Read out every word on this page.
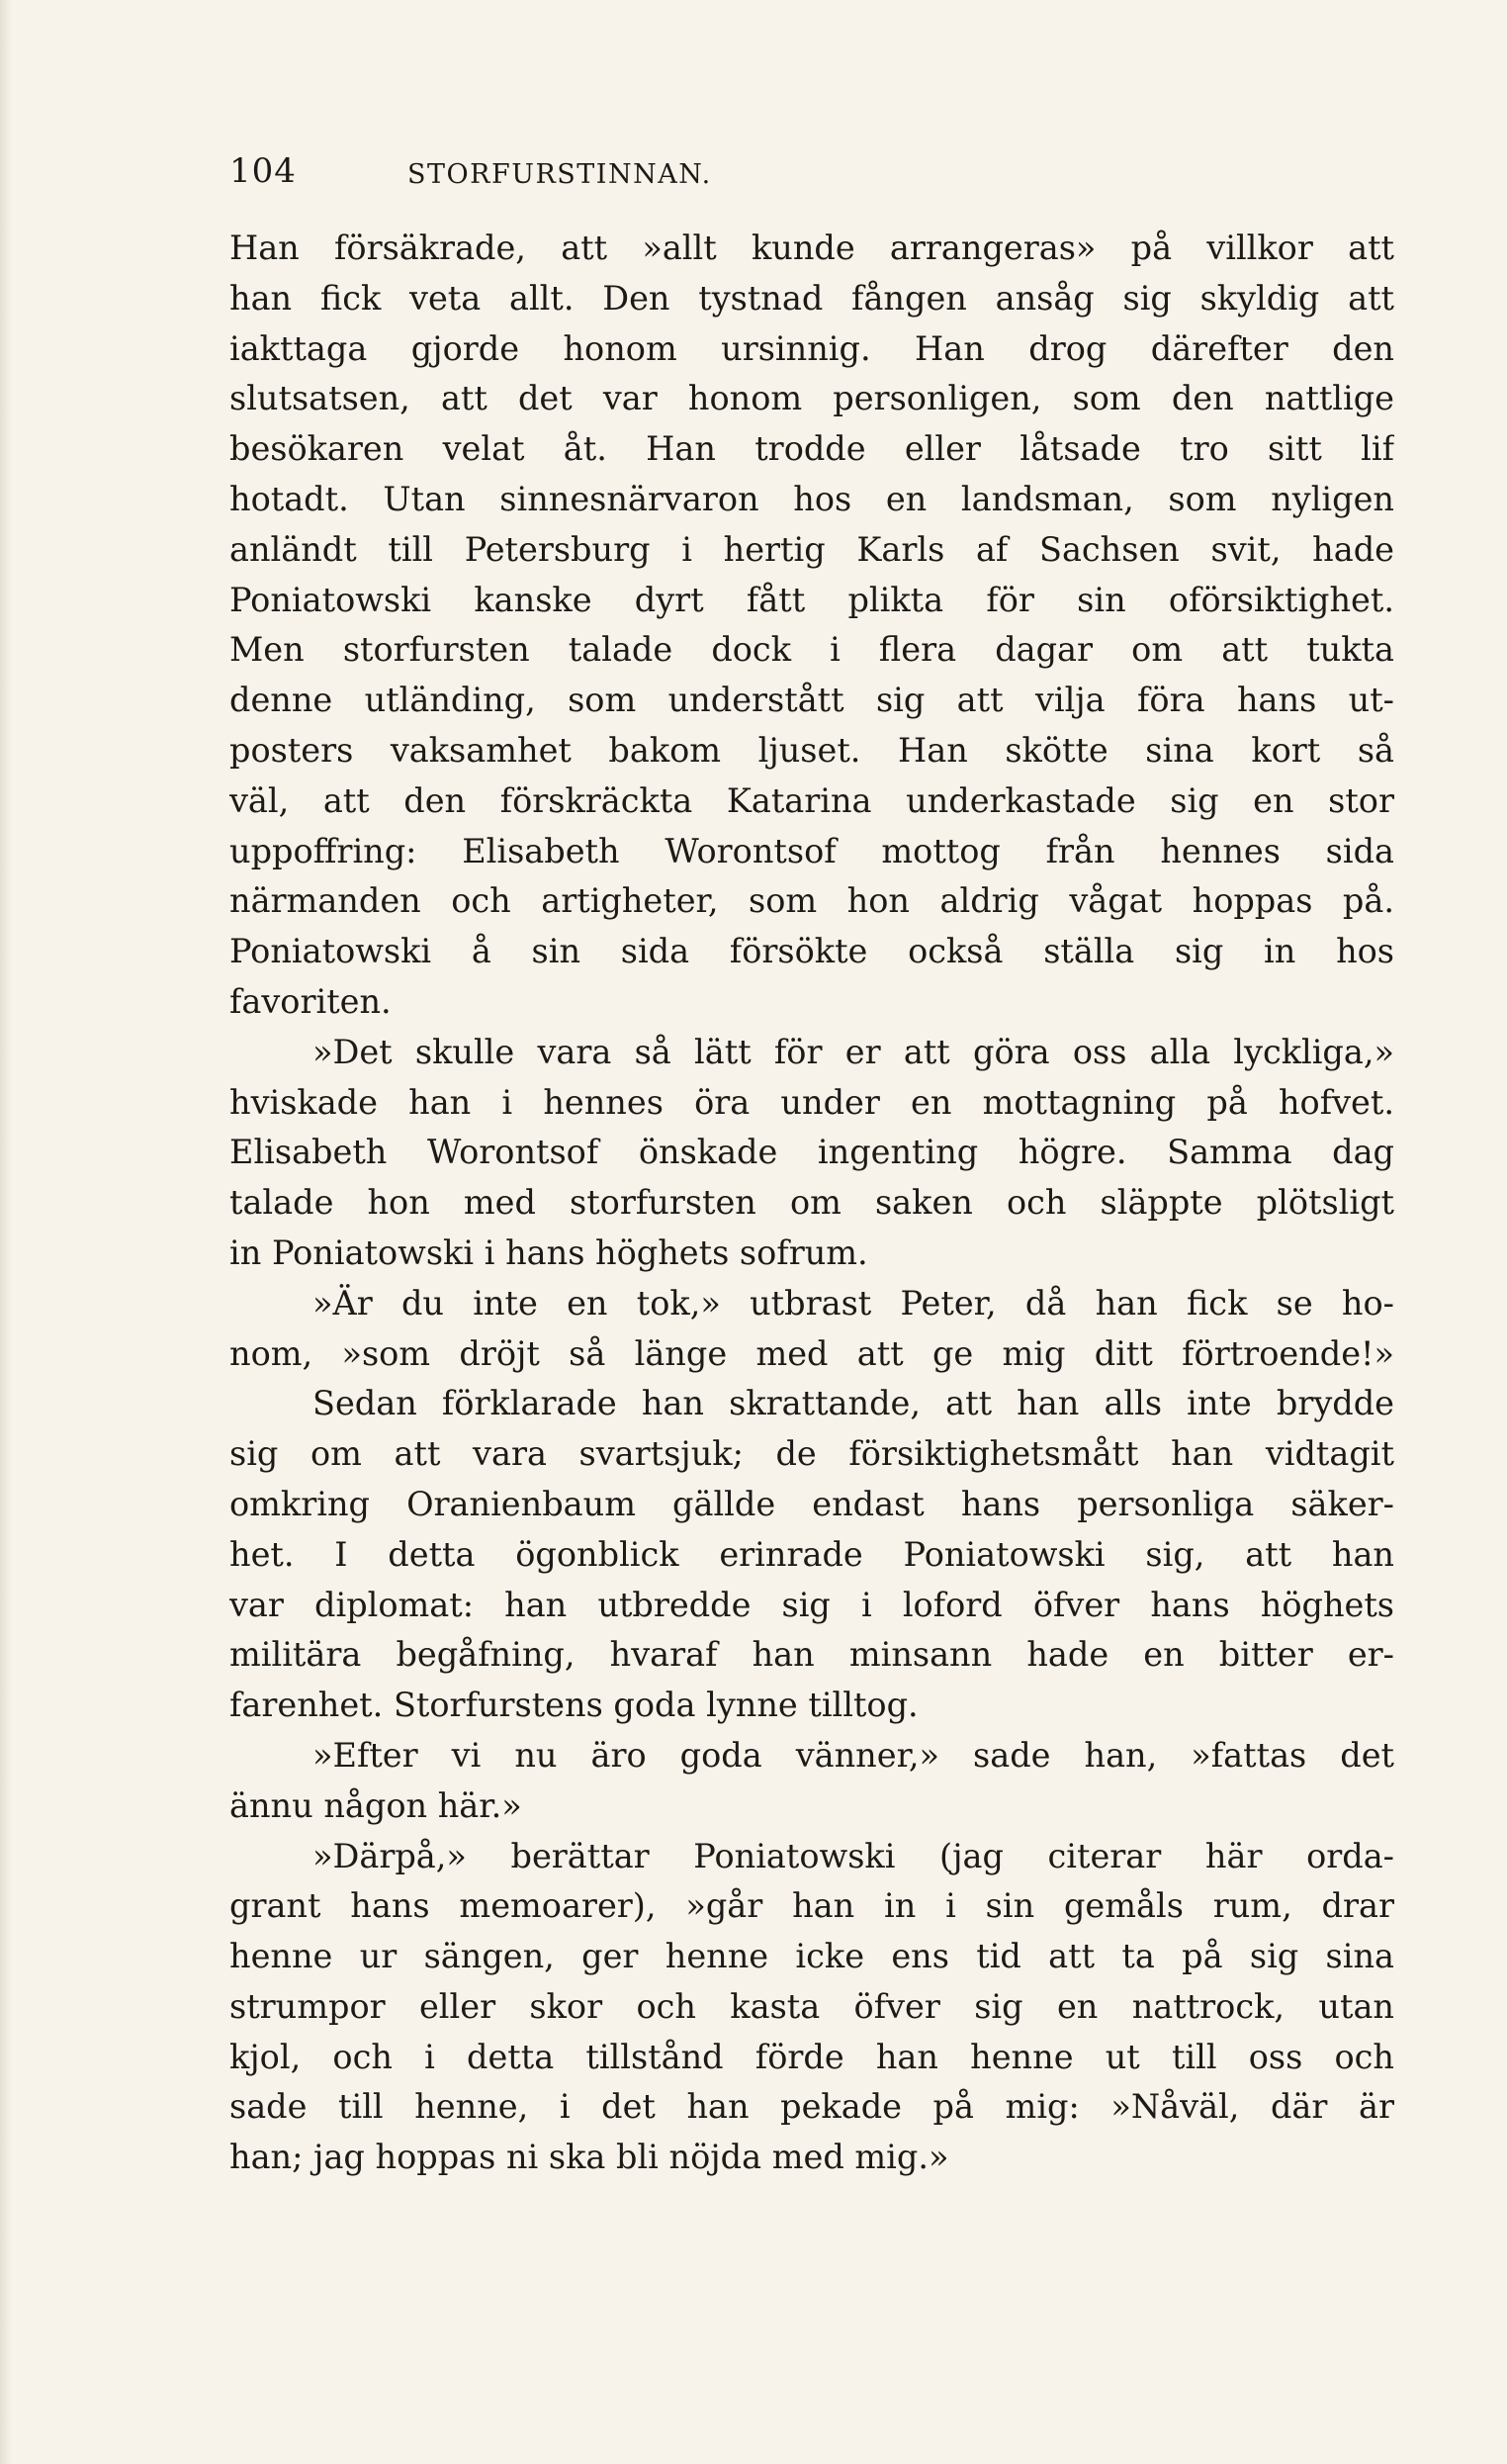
104	STORFURSTINNAN.
Han försäkrade, att »allt kunde arrangeras» på villkor att
han fick veta allt. Den tystnad fången ansåg sig skyldig att
iakttaga gjorde honom ursinnig. Han drog därefter den
slutsatsen, att det var honom personligen, som den nattlige
besökaren velat åt. Han trodde eller låtsade tro sitt lif
hotadt. Utan sinnesnärvaron hos en landsman, som nyligen
anländt till Petersburg i hertig Karls af Sachsen svit, hade
Poniatowski kanske dyrt fått plikta för sin oförsiktighet.
Men storfursten talade dock i flera dagar om att tukta
denne utländing, som understått sig att vilja föra hans ut-
posters vaksamhet bakom ljuset. Han skötte sina kort så
väl, att den förskräckta Katarina underkastade sig en stor
uppoffring: Elisabeth Worontsof mottog från hennes sida
närmanden och artigheter, som hon aldrig vågat hoppas på.
Poniatowski å sin sida försökte också ställa sig in hos
favoriten.
»Det skulle vara så lätt för er att göra oss alla lyckliga,»
hviskade han i hennes öra under en mottagning på hofvet.
Elisabeth Worontsof önskade ingenting högre. Samma dag
talade hon med storfursten om saken och släppte plötsligt
in Poniatowski i hans höghets sofrum.
»Är du inte en tok,» utbrast Peter, då han fick se ho-
nom, »som dröjt så länge med att ge mig ditt förtroende!»
Sedan förklarade han skrattande, att han alls inte brydde
sig om att vara svartsjuk; de försiktighetsmått han vidtagit
omkring Oranienbaum gällde endast hans personliga säker-
het. I detta ögonblick erinrade Poniatowski sig, att han
var diplomat: han utbredde sig i loford öfver hans höghets
militära begåfning, hvaraf han minsann hade en bitter er-
farenhet. Storfurstens goda lynne tilltog.
»Efter vi nu äro goda vänner,» sade han, »fattas det
ännu någon här.»
»Därpå,» berättar Poniatowski (jag citerar här orda-
grant hans memoarer), »går han in i sin gemåls rum, drar
henne ur sängen, ger henne icke ens tid att ta på sig sina
strumpor eller skor och kasta öfver sig en nattrock, utan
kjol, och i detta tillstånd förde han henne ut till oss och
sade till henne, i det han pekade på mig: »Nåväl, där är
han; jag hoppas ni ska bli nöjda med mig.»
